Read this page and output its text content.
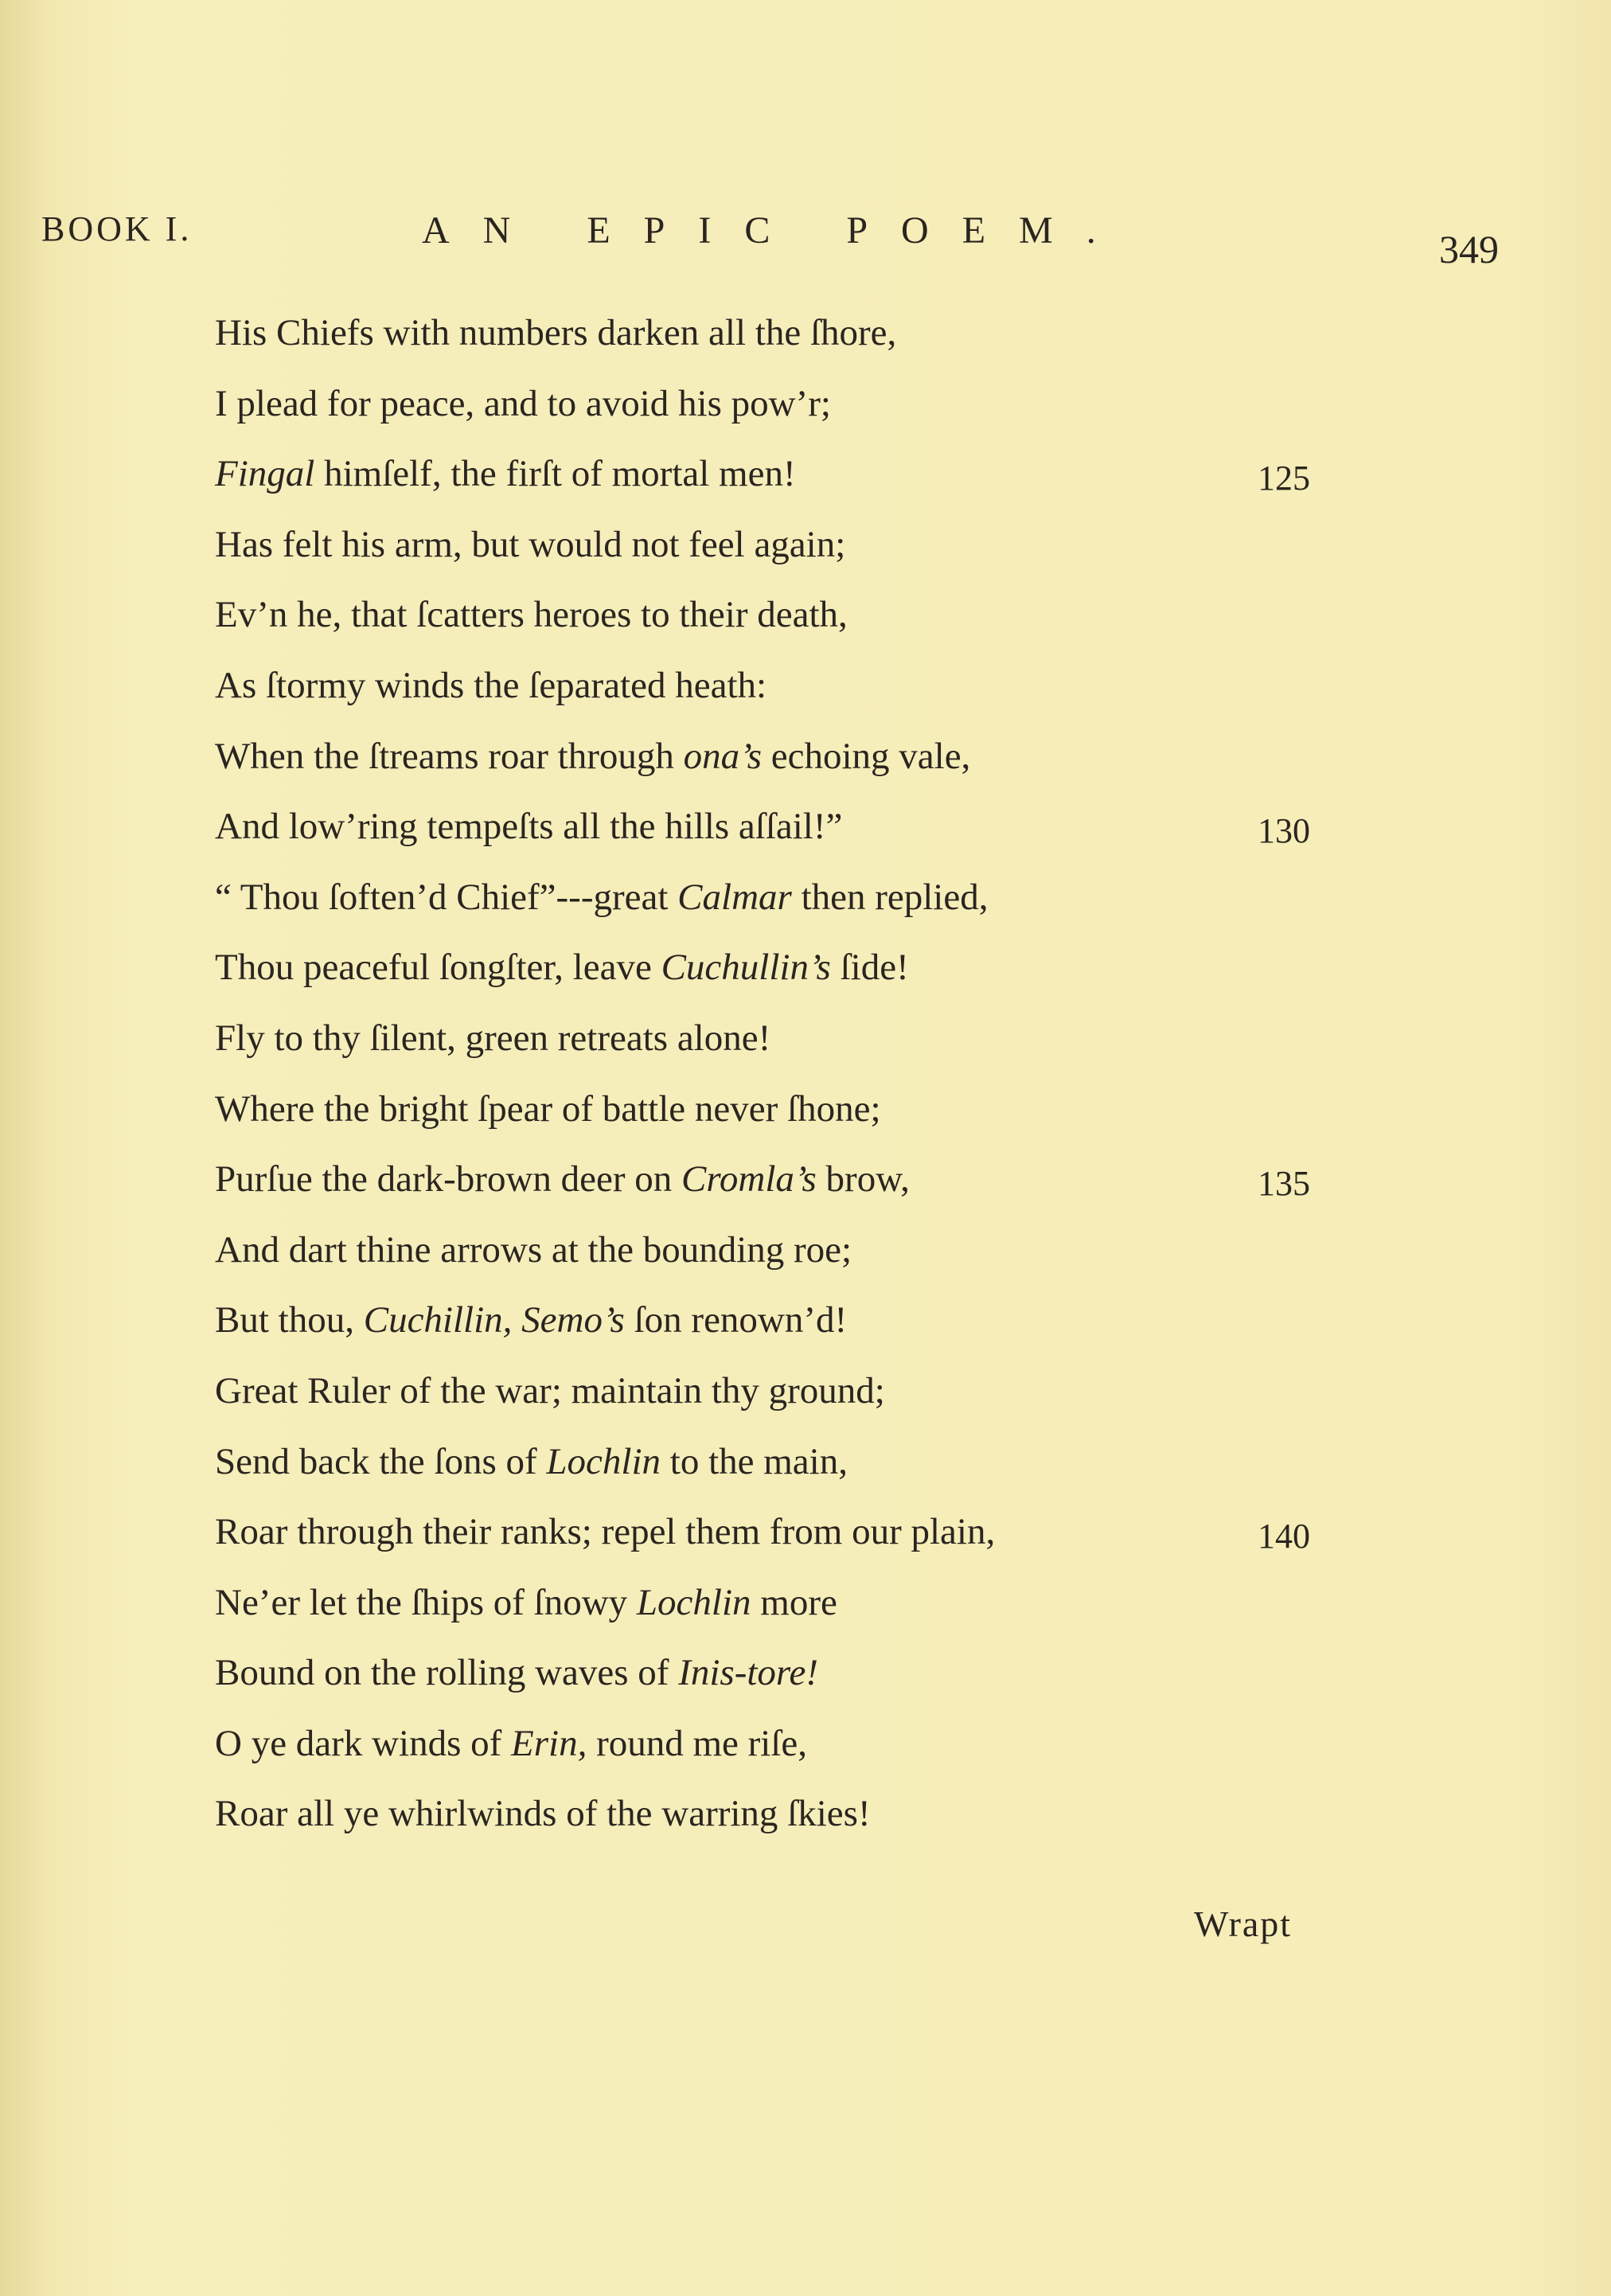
BOOK I.	AN EPIC POEM.	349
His Chiefs with numbers darken all the ſhore,
I plead for peace, and to avoid his pow’r;
Fingal himſelf, the firſt of mortal men!	125
Has felt his arm, but would not feel again;
Ev’n he, that ſcatters heroes to their death,
As ſtormy winds the ſeparated heath:
When the ſtreams roar through ona’s echoing vale,
And low’ring tempeſts all the hills aſſail!”	130
“ Thou ſoften’d Chief”---great Calmar then replied,
Thou peaceful ſongſter, leave Cuchullin’s ſide!
Fly to thy ſilent, green retreats alone!
Where the bright ſpear of battle never ſhone;
Purſue the dark-brown deer on Cromla’s brow,	135
And dart thine arrows at the bounding roe;
But thou, Cuchillin, Semo’s ſon renown’d!
Great Ruler of the war; maintain thy ground;
Send back the ſons of Lochlin to the main,
Roar through their ranks; repel them from our plain,	140
Ne’er let the ſhips of ſnowy Lochlin more
Bound on the rolling waves of Inis-tore!
O ye dark winds of Erin, round me riſe,
Roar all ye whirlwinds of the warring ſkies!
Wrapt
